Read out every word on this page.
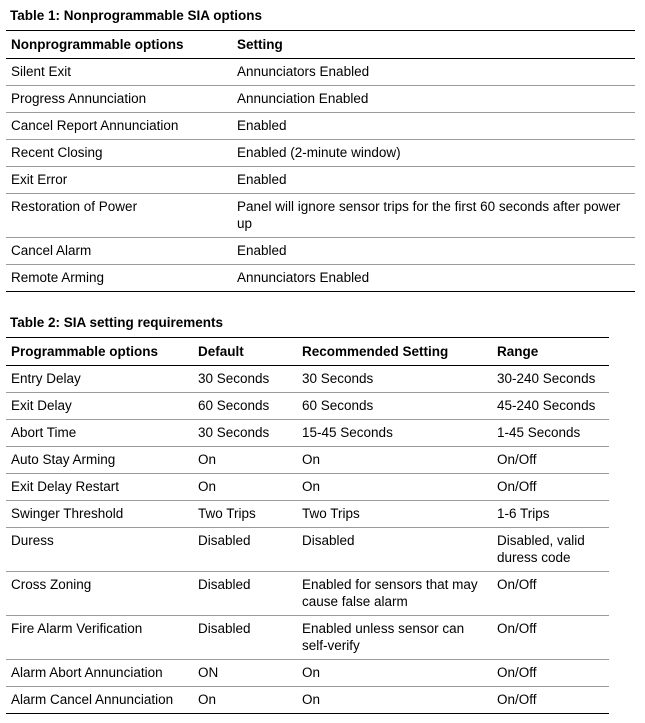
Table 1: Nonprogrammable SIA options
Nonprogrammable options	Setting
Silent Exit	Annunciators Enabled
Progress Annunciation	Annunciation Enabled
Cancel Report Annunciation	Enabled
Recent Closing	Enabled (2-minute window)
Exit Error	Enabled
Restoration of Power	Panel will ignore sensor trips for the first 60 seconds after power up
Cancel Alarm	Enabled
Remote Arming	Annunciators Enabled
Table 2: SIA setting requirements
Programmable options	Default	Recommended Setting	Range
Entry Delay	30 Seconds	30 Seconds	30-240 Seconds
Exit Delay	60 Seconds	60 Seconds	45-240 Seconds
Abort Time	30 Seconds	15-45 Seconds	1-45 Seconds
Auto Stay Arming	On	On	On/Off
Exit Delay Restart	On	On	On/Off
Swinger Threshold	Two Trips	Two Trips	1-6 Trips
Duress	Disabled	Disabled	Disabled, valid duress code
Cross Zoning	Disabled	Enabled for sensors that may cause false alarm	On/Off
Fire Alarm Verification	Disabled	Enabled unless sensor can self-verify	On/Off
Alarm Abort Annunciation	ON	On	On/Off
Alarm Cancel Annunciation	On	On	On/Off
